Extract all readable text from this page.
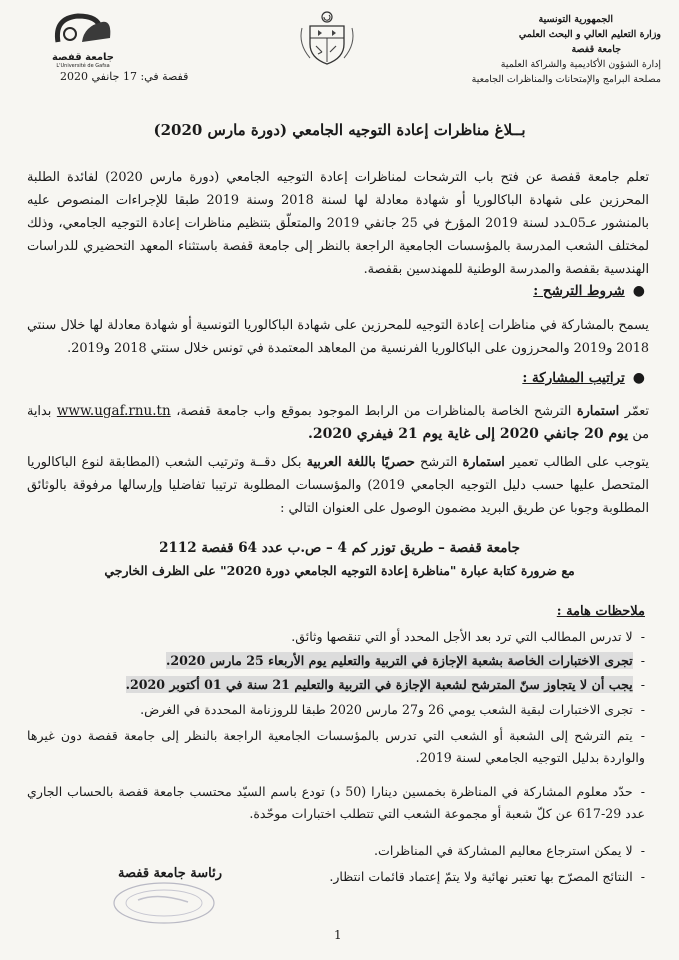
الجمهورية التونسية
وزارة التعليم العالي و البحث العلمي
جامعة قفصة
إدارة الشؤون الأكاديمية والشراكة العلمية
مصلحة البرامج والإمتحانات والمناظرات الجامعية
جامعة قفصة
L'Université de Gafsa
قفصة في: 17 جانفي 2020
بــلاغ مناظرات إعادة التوجيه الجامعي (دورة مارس 2020)
تعلم جامعة قفصة عن فتح باب الترشحات لمناظرات إعادة التوجيه الجامعي (دورة مارس 2020) لفائدة الطلبة المحرزين على شهادة الباكالوريا أو شهادة معادلة لها لسنة 2018 وسنة 2019 طبقا للإجراءات المنصوص عليه بالمنشور عـ05ـدد لسنة 2019 المؤرخ في 25 جانفي 2019 والمتعلّق بتنظيم مناظرات إعادة التوجيه الجامعي، وذلك لمختلف الشعب المدرسة بالمؤسسات الجامعية الراجعة بالنظر إلى جامعة قفصة باستثناء المعهد التحضيري للدراسات الهندسية بقفصة والمدرسة الوطنية للمهندسين بقفصة.
●شروط الترشح :
يسمح بالمشاركة في مناظرات إعادة التوجيه للمحرزين على شهادة الباكالوريا التونسية أو شهادة معادلة لها خلال سنتي 2018 و2019 والمحرزون على الباكالوريا الفرنسية من المعاهد المعتمدة في تونس خلال سنتي 2018 و2019.
●تراتيب المشاركة :
تعمّر استمارة الترشح الخاصة بالمناظرات من الرابط الموجود بموقع واب جامعة قفصة، www.ugaf.rnu.tn بداية من يوم 20 جانفي 2020 إلى غاية يوم 21 فيفري 2020.
يتوجب على الطالب تعمير استمارة الترشح حصريًا باللغة العربية بكل دقــة وترتيب الشعب (المطابقة لنوع الباكالوريا المتحصل عليها حسب دليل التوجيه الجامعي 2019) والمؤسسات المطلوبة ترتيبا تفاضليا وإرسالها مرفوقة بالوثائق المطلوبة وجوبا عن طريق البريد مضمون الوصول على العنوان التالي :
جامعة قفصة – طريق توزر كم 4 – ص.ب عدد 64 قفصة 2112
مع ضرورة كتابة عبارة "مناظرة إعادة التوجيه الجامعي دورة 2020" على الظرف الخارجي
ملاحظات هامة :
-لا تدرس المطالب التي ترد بعد الأجل المحدد أو التي تنقصها وثائق.
-تجرى الاختبارات الخاصة بشعبة الإجازة في التربية والتعليم يوم الأربعاء 25 مارس 2020.
-يجب أن لا يتجاوز سنّ المترشح لشعبة الإجازة في التربية والتعليم 21 سنة في 01 أكتوبر 2020.
-تجرى الاختبارات لبقية الشعب يومي 26 و27 مارس 2020 طبقا للروزنامة المحددة في الغرض.
-يتم الترشح إلى الشعبة أو الشعب التي تدرس بالمؤسسات الجامعية الراجعة بالنظر إلى جامعة قفصة دون غيرها والواردة بدليل التوجيه الجامعي لسنة 2019.
-حدّد معلوم المشاركة في المناظرة بخمسين دينارا (50 د) تودع باسم السيّد محتسب جامعة قفصة بالحساب الجاري عدد 29-617 عن كلّ شعبة أو مجموعة الشعب التي تتطلب اختبارات موحّدة.
-لا يمكن استرجاع معاليم المشاركة في المناظرات.
-النتائج المصرّح بها تعتبر نهائية ولا يتمّ إعتماد قائمات انتظار.
رئاسة جامعة قفصة
1
